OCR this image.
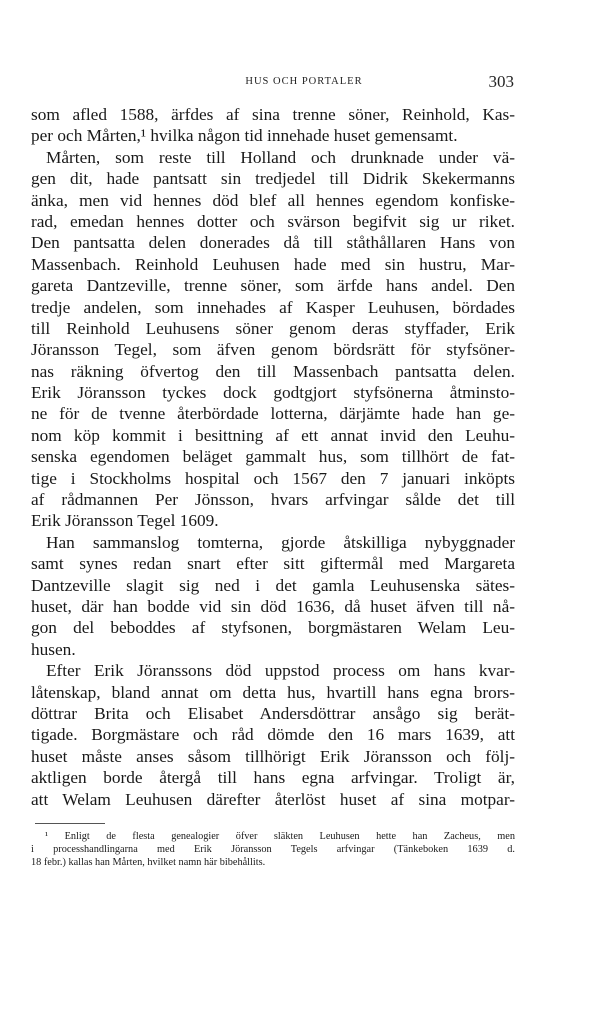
HUS OCH PORTALER	303
som afled 1588, ärfdes af sina trenne söner, Reinhold, Kas-
per och Mårten,¹ hvilka någon tid innehade huset gemensamt.
Mårten, som reste till Holland och drunknade under vä-
gen dit, hade pantsatt sin tredjedel till Didrik Skekermanns
änka, men vid hennes död blef all hennes egendom konfiske-
rad, emedan hennes dotter och svärson begifvit sig ur riket.
Den pantsatta delen donerades då till ståthållaren Hans von
Massenbach. Reinhold Leuhusen hade med sin hustru, Mar-
gareta Dantzeville, trenne söner, som ärfde hans andel. Den
tredje andelen, som innehades af Kasper Leuhusen, bördades
till Reinhold Leuhusens söner genom deras styffader, Erik
Jöransson Tegel, som äfven genom bördsrätt för styfsöner-
nas räkning öfvertog den till Massenbach pantsatta delen.
Erik Jöransson tyckes dock godtgjort styfsönerna åtminsto-
ne för de tvenne återbördade lotterna, därjämte hade han ge-
nom köp kommit i besittning af ett annat invid den Leuhu-
senska egendomen beläget gammalt hus, som tillhört de fat-
tige i Stockholms hospital och 1567 den 7 januari inköpts
af rådmannen Per Jönsson, hvars arfvingar sålde det till
Erik Jöransson Tegel 1609.
Han sammanslog tomterna, gjorde åtskilliga nybyggnader
samt synes redan snart efter sitt giftermål med Margareta
Dantzeville slagit sig ned i det gamla Leuhusenska sätes-
huset, där han bodde vid sin död 1636, då huset äfven till nå-
gon del beboddes af styfsonen, borgmästaren Welam Leu-
husen.
Efter Erik Jöranssons död uppstod process om hans kvar-
låtenskap, bland annat om detta hus, hvartill hans egna brors-
döttrar Brita och Elisabet Andersdöttrar ansågo sig berät-
tigade. Borgmästare och råd dömde den 16 mars 1639, att
huset måste anses såsom tillhörigt Erik Jöransson och följ-
aktligen borde återgå till hans egna arfvingar. Troligt är,
att Welam Leuhusen därefter återlöst huset af sina motpar-
¹ Enligt de flesta genealogier öfver släkten Leuhusen hette han Zacheus, men
i processhandlingarna med Erik Jöransson Tegels arfvingar (Tänkeboken 1639 d.
18 febr.) kallas han Mårten, hvilket namn här bibehållits.
